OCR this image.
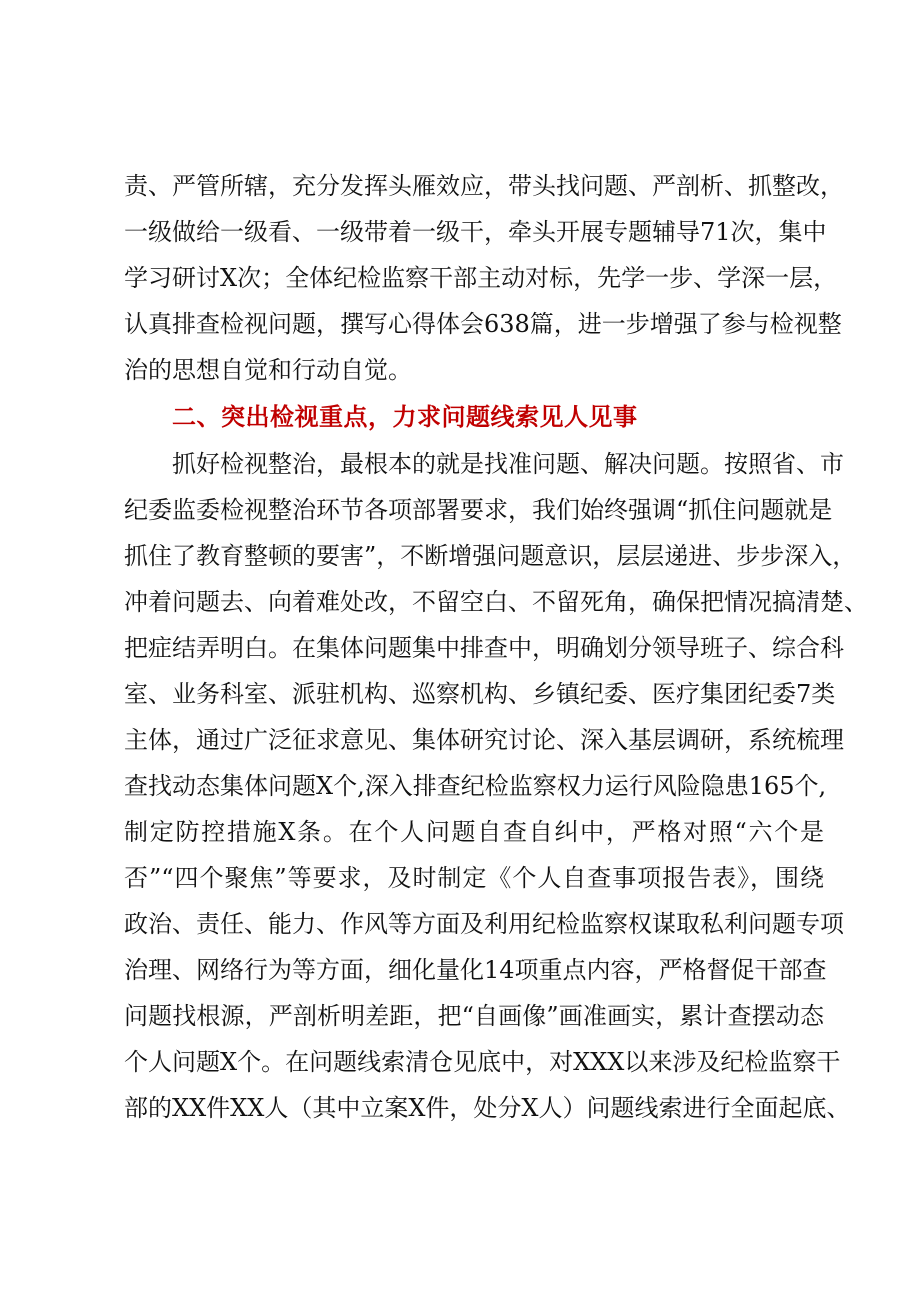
责、严管所辖，充分发挥头雁效应，带头找问题、严剖析、抓整改，

一级做给一级看、一级带着一级干，牵头开展专题辅导71次，集中

学习研讨X次；全体纪检监察干部主动对标，先学一步、学深一层，

认真排查检视问题，撰写心得体会638篇，进一步增强了参与检视整

治的思想自觉和行动自觉。

二、突出检视重点，力求问题线索见人见事

抓好检视整治，最根本的就是找准问题、解决问题。按照省、市

纪委监委检视整治环节各项部署要求，我们始终强调“抓住问题就是

抓住了教育整顿的要害”，不断增强问题意识，层层递进、步步深入，

冲着问题去、向着难处改，不留空白、不留死角，确保把情况搞清楚、

把症结弄明白。在集体问题集中排查中，明确划分领导班子、综合科

室、业务科室、派驻机构、巡察机构、乡镇纪委、医疗集团纪委7类

主体，通过广泛征求意见、集体研究讨论、深入基层调研，系统梳理

查找动态集体问题X个,深入排查纪检监察权力运行风险隐患165个,

制定防控措施X条。在个人问题自查自纠中，严格对照“六个是

否”“四个聚焦”等要求，及时制定《个人自查事项报告表》，围绕

政治、责任、能力、作风等方面及利用纪检监察权谋取私利问题专项

治理、网络行为等方面，细化量化14项重点内容，严格督促干部查

问题找根源，严剖析明差距，把“自画像”画准画实，累计查摆动态

个人问题X个。在问题线索清仓见底中，对XXX以来涉及纪检监察干

部的XX件XX人（其中立案X件，处分X人）问题线索进行全面起底、
